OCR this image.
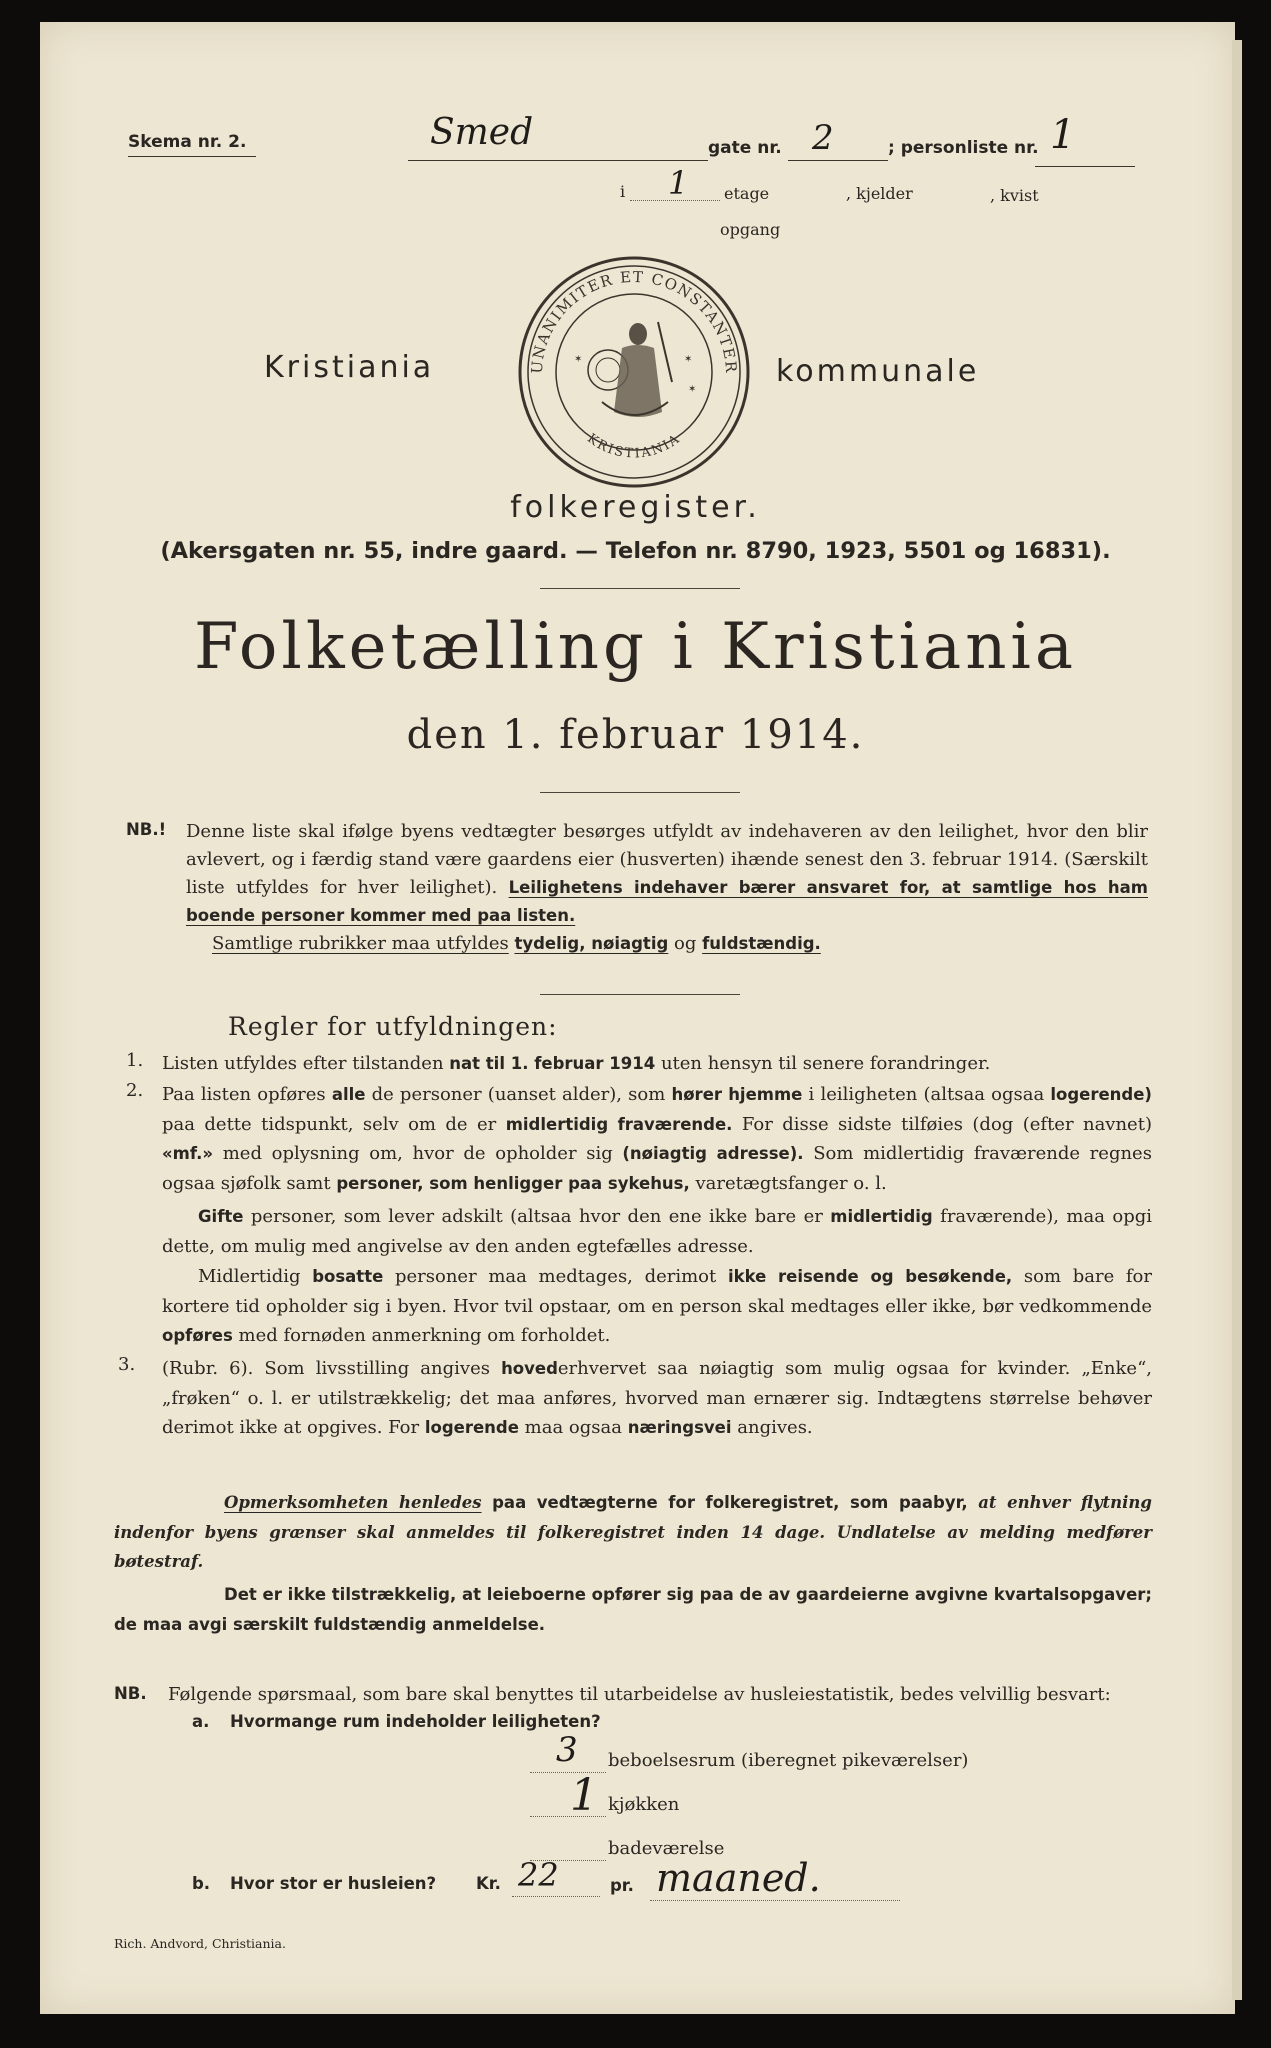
Skema nr. 2.	Smed	gate nr. 2	; personliste nr. 1
i 1 etage
opgang
, kjelder	, kvist
Kristiania	kommunale
UNANIMITER ET CONSTANTER
KRISTIANIA
✶	✶
✶
folkeregister.
(Akersgaten nr. 55, indre gaard. — Telefon nr. 8790, 1923, 5501 og 16831).
Folketælling i Kristiania
den 1. februar 1914.
NB.! Denne liste skal ifølge byens vedtægter besørges utfyldt av indehaveren av den leilighet, hvor den blir avlevert, og i færdig stand være gaardens eier (husverten) ihænde senest den 3. februar 1914. (Særskilt liste utfyldes for hver leilighet). Leilighetens indehaver bærer ansvaret for, at samtlige hos ham boende personer kommer med paa listen.
Samtlige rubrikker maa utfyldes tydelig, nøiagtig og fuldstændig.
Regler for utfyldningen:
1. Listen utfyldes efter tilstanden nat til 1. februar 1914 uten hensyn til senere forandringer.
2. Paa listen opføres alle de personer (uanset alder), som hører hjemme i leiligheten (altsaa ogsaa logerende) paa dette tidspunkt, selv om de er midlertidig fraværende. For disse sidste tilføies (dog (efter navnet) «mf.» med oplysning om, hvor de opholder sig (nøiagtig adresse). Som midlertidig fraværende regnes ogsaa sjøfolk samt personer, som henligger paa sykehus, varetægtsfanger o. l.
Gifte personer, som lever adskilt (altsaa hvor den ene ikke bare er midlertidig fraværende), maa opgi dette, om mulig med angivelse av den anden egtefælles adresse.
Midlertidig bosatte personer maa medtages, derimot ikke reisende og besøkende, som bare for kortere tid opholder sig i byen. Hvor tvil opstaar, om en person skal medtages eller ikke, bør vedkommende opføres med fornøden anmerkning om forholdet.
3. (Rubr. 6). Som livsstilling angives hovederhvervet saa nøiagtig som mulig ogsaa for kvinder. „Enke“, „frøken“ o. l. er utilstrækkelig; det maa anføres, hvorved man ernærer sig. Indtægtens størrelse behøver derimot ikke at opgives. For logerende maa ogsaa næringsvei angives.
Opmerksomheten henledes paa vedtægterne for folkeregistret, som paabyr, at enhver flytning indenfor byens grænser skal anmeldes til folkeregistret inden 14 dage. Undlatelse av melding medfører bøtestraf.
Det er ikke tilstrækkelig, at leieboerne opfører sig paa de av gaardeierne avgivne kvartalsopgaver; de maa avgi særskilt fuldstændig anmeldelse.
NB. Følgende spørsmaal, som bare skal benyttes til utarbeidelse av husleiestatistik, bedes velvillig besvart:
a. Hvormange rum indeholder leiligheten?
3 beboelsesrum (iberegnet pikeværelser)
1 kjøkken
badeværelse
b. Hvor stor er husleien? Kr. 22	pr. maaned.
Rich. Andvord, Christiania.
